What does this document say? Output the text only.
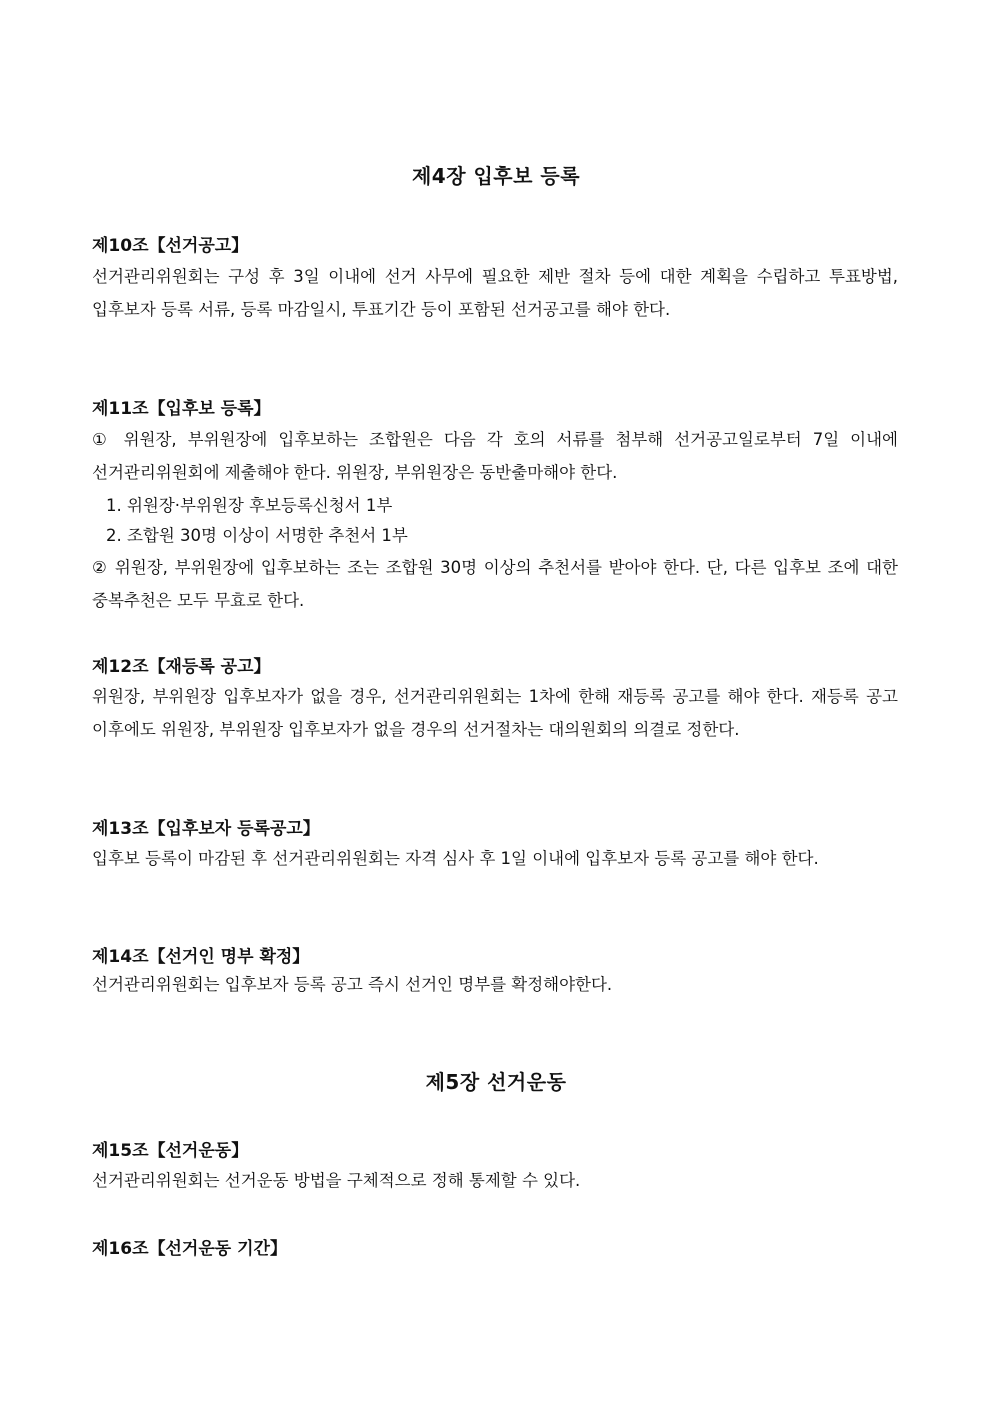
제4장 입후보 등록
제10조【선거공고】
선거관리위원회는 구성 후 3일 이내에 선거 사무에 필요한 제반 절차 등에 대한 계획을 수립하고 투표방법, 입후보자 등록 서류, 등록 마감일시, 투표기간 등이 포함된 선거공고를 해야 한다.
제11조【입후보 등록】
① 위원장, 부위원장에 입후보하는 조합원은 다음 각 호의 서류를 첨부해 선거공고일로부터 7일 이내에 선거관리위원회에 제출해야 한다. 위원장, 부위원장은 동반출마해야 한다.
1. 위원장·부위원장 후보등록신청서 1부
2. 조합원 30명 이상이 서명한 추천서 1부
② 위원장, 부위원장에 입후보하는 조는 조합원 30명 이상의 추천서를 받아야 한다. 단, 다른 입후보 조에 대한 중복추천은 모두 무효로 한다.
제12조【재등록 공고】
위원장, 부위원장 입후보자가 없을 경우, 선거관리위원회는 1차에 한해 재등록 공고를 해야 한다. 재등록 공고 이후에도 위원장, 부위원장 입후보자가 없을 경우의 선거절차는 대의원회의 의결로 정한다.
제13조【입후보자 등록공고】
입후보 등록이 마감된 후 선거관리위원회는 자격 심사 후 1일 이내에 입후보자 등록 공고를 해야 한다.
제14조【선거인 명부 확정】
선거관리위원회는 입후보자 등록 공고 즉시 선거인 명부를 확정해야한다.
제5장 선거운동
제15조【선거운동】
선거관리위원회는 선거운동 방법을 구체적으로 정해 통제할 수 있다.
제16조【선거운동 기간】
